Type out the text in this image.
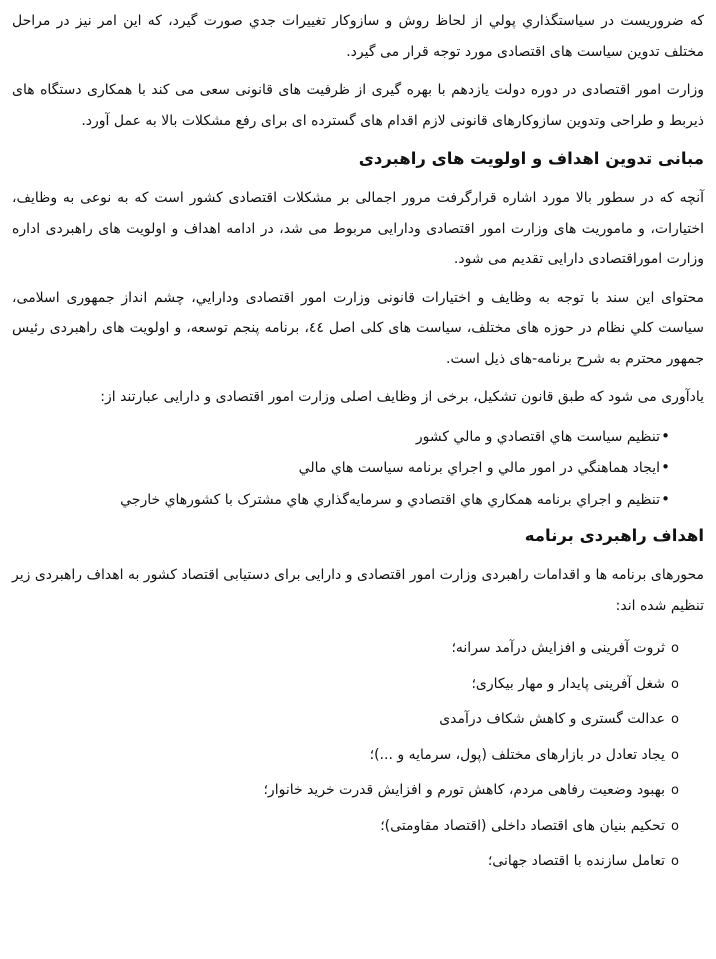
که ضروریست در سیاستگذاري پولي از لحاظ روش و سازوکار تغییرات جدي صورت گیرد، که این امر نیز در مراحل مختلف تدوین سیاست های اقتصادی مورد توجه قرار می گیرد.

وزارت امور اقتصادی در دوره دولت یازدهم با بهره گیری از ظرفیت های قانونی سعی می کند با همکاری دستگاه های ذیربط و طراحی وتدوین سازوکارهای قانونی لازم اقدام های گسترده ای برای رفع مشکلات بالا به عمل آورد.

مبانی تدوین اهداف و اولویت های راهبردی

آنچه که در سطور بالا مورد اشاره قرارگرفت مرور اجمالی بر مشکلات اقتصادی کشور است که به نوعی به وظایف، اختیارات، و ماموریت های وزارت امور اقتصادی ودارایی مربوط می شد، در ادامه اهداف و اولویت های راهبردی اداره وزارت اموراقتصادی دارایی تقدیم می شود.

محتوای این سند با توجه به وظایف و اختیارات قانونی وزارت امور اقتصادی ودارايي، چشم انداز جمهوری اسلامی، سیاست کلي نظام در حوزه های مختلف، سیاست های کلی اصل ٤٤، برنامه پنجم توسعه، و اولویت های راهبردی رئیس جمهور محترم به شرح برنامه-های ذیل است.

یادآوری می شود که طبق قانون تشکیل، برخی از وظایف اصلی وزارت امور اقتصادی و دارایی عبارتند از:

•تنظيم سياست هاي اقتصادي و مالي کشور
•ايجاد هماهنگي در امور مالي و اجراي برنامه سياست هاي مالي
•تنظيم و اجراي برنامه همکاري هاي اقتصادي و سرمايه‌گذاري هاي مشترک با کشورهاي خارجي
اهداف راهبردی برنامه

محورهای برنامه ها و اقدامات راهبردی وزارت امور اقتصادی و دارایی برای دستیابی اقتصاد کشور به اهداف راهبردی زیر تنظیم شده اند:

oثروت آفرینی و افزایش درآمد سرانه؛
oشغل آفرینی پایدار و مهار بیکاری؛
oعدالت گستری و کاهش شکاف درآمدی
oیجاد تعادل در بازارهای مختلف (پول، سرمایه و ...)؛
oبهبود وضعیت رفاهی مردم، کاهش تورم و افزایش قدرت خرید خانوار؛
oتحکیم بنیان های اقتصاد داخلی (اقتصاد مقاومتی)؛
oتعامل سازنده با اقتصاد جهانی؛
